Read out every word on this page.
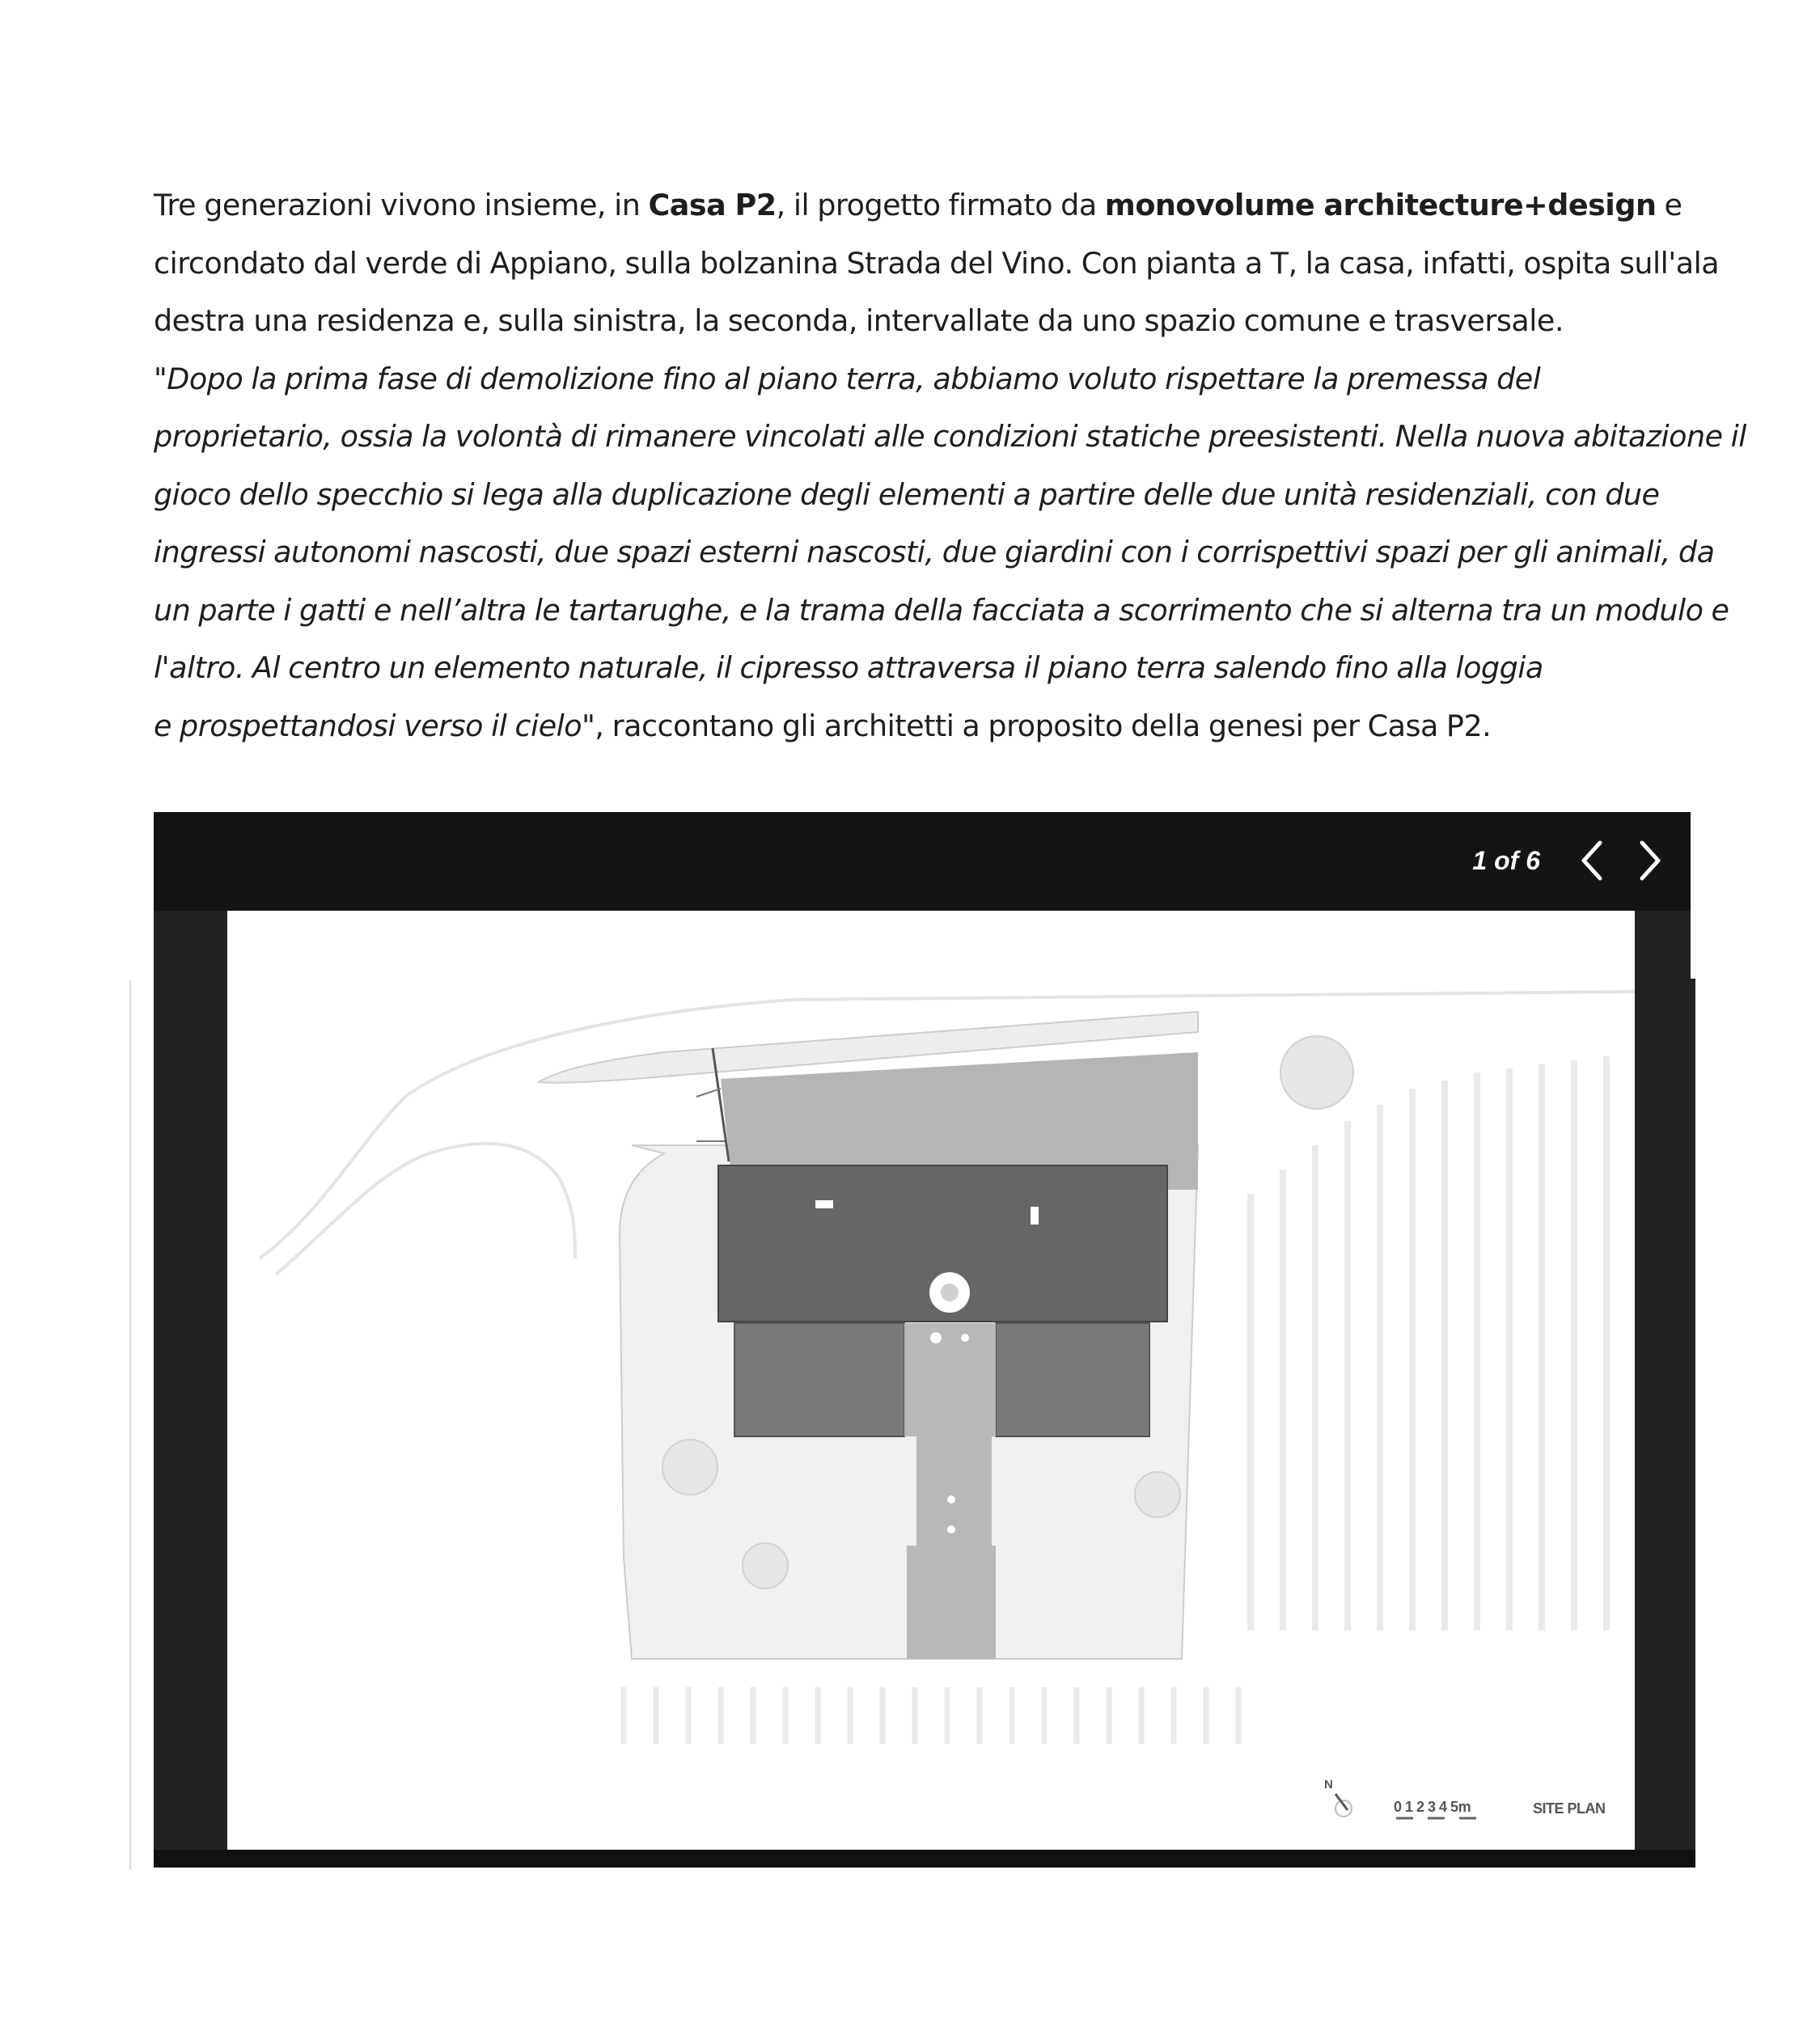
Tre generazioni vivono insieme, in Casa P2, il progetto firmato da monovolume architecture+design e
circondato dal verde di Appiano, sulla bolzanina Strada del Vino. Con pianta a T, la casa, infatti, ospita sull'ala
destra una residenza e, sulla sinistra, la seconda, intervallate da uno spazio comune e trasversale.

"Dopo la prima fase di demolizione fino al piano terra, abbiamo voluto rispettare la premessa del
proprietario, ossia la volontà di rimanere vincolati alle condizioni statiche preesistenti. Nella nuova abitazione il
gioco dello specchio si lega alla duplicazione degli elementi a partire delle due unità residenziali, con due
ingressi autonomi nascosti, due spazi esterni nascosti, due giardini con i corrispettivi spazi per gli animali, da
un parte i gatti e nell’altra le tartarughe, e la trama della facciata a scorrimento che si alterna tra un modulo e
l'altro. Al centro un elemento naturale, il cipresso attraversa il piano terra salendo fino alla loggia
e prospettandosi verso il cielo", raccontano gli architetti a proposito della genesi per Casa P2.

1 of 6
N
0 1 2 3 4 5m	SITE PLAN
